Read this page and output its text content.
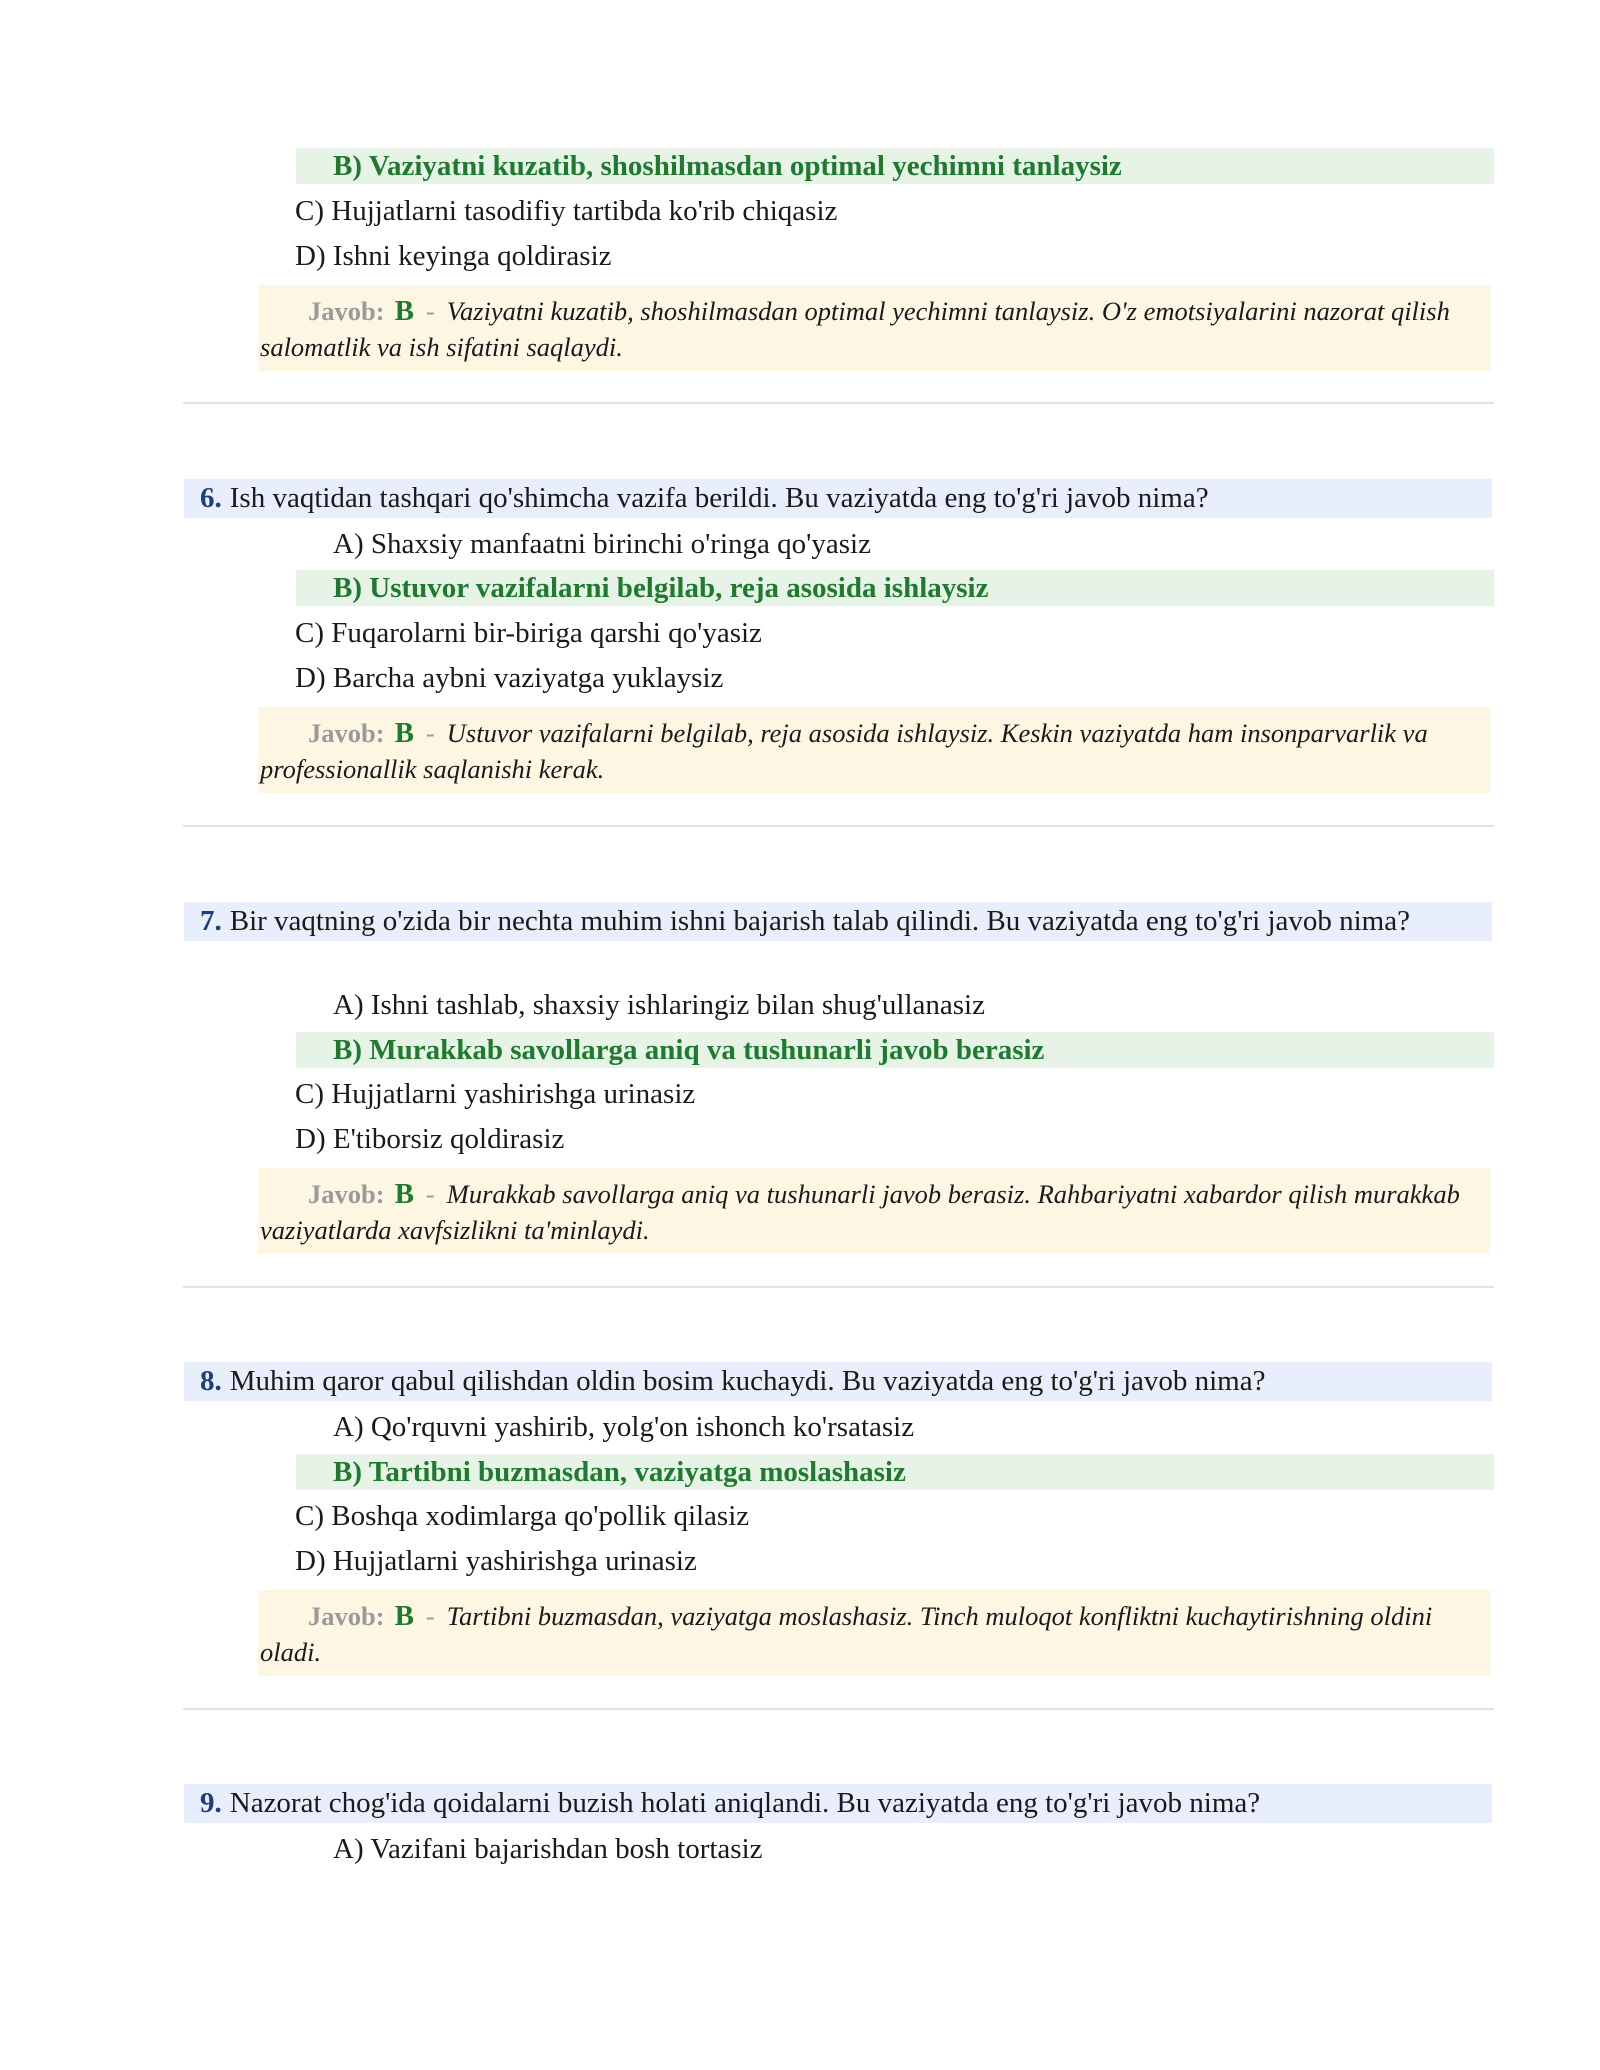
B) Vaziyatni kuzatib, shoshilmasdan optimal yechimni tanlaysiz
C) Hujjatlarni tasodifiy tartibda ko'rib chiqasiz
D) Ishni keyinga qoldirasiz
Javob: B - Vaziyatni kuzatib, shoshilmasdan optimal yechimni tanlaysiz. O'z emotsiyalarini nazorat qilish salomatlik va ish sifatini saqlaydi.
6. Ish vaqtidan tashqari qo'shimcha vazifa berildi. Bu vaziyatda eng to'g'ri javob nima?
A) Shaxsiy manfaatni birinchi o'ringa qo'yasiz
B) Ustuvor vazifalarni belgilab, reja asosida ishlaysiz
C) Fuqarolarni bir-biriga qarshi qo'yasiz
D) Barcha aybni vaziyatga yuklaysiz
Javob: B - Ustuvor vazifalarni belgilab, reja asosida ishlaysiz. Keskin vaziyatda ham insonparvarlik va professionallik saqlanishi kerak.
7. Bir vaqtning o'zida bir nechta muhim ishni bajarish talab qilindi. Bu vaziyatda eng to'g'ri javob nima?
A) Ishni tashlab, shaxsiy ishlaringiz bilan shug'ullanasiz
B) Murakkab savollarga aniq va tushunarli javob berasiz
C) Hujjatlarni yashirishga urinasiz
D) E'tiborsiz qoldirasiz
Javob: B - Murakkab savollarga aniq va tushunarli javob berasiz. Rahbariyatni xabardor qilish murakkab vaziyatlarda xavfsizlikni ta'minlaydi.
8. Muhim qaror qabul qilishdan oldin bosim kuchaydi. Bu vaziyatda eng to'g'ri javob nima?
A) Qo'rquvni yashirib, yolg'on ishonch ko'rsatasiz
B) Tartibni buzmasdan, vaziyatga moslashasiz
C) Boshqa xodimlarga qo'pollik qilasiz
D) Hujjatlarni yashirishga urinasiz
Javob: B - Tartibni buzmasdan, vaziyatga moslashasiz. Tinch muloqot konfliktni kuchaytirishning oldini oladi.
9. Nazorat chog'ida qoidalarni buzish holati aniqlandi. Bu vaziyatda eng to'g'ri javob nima?
A) Vazifani bajarishdan bosh tortasiz
